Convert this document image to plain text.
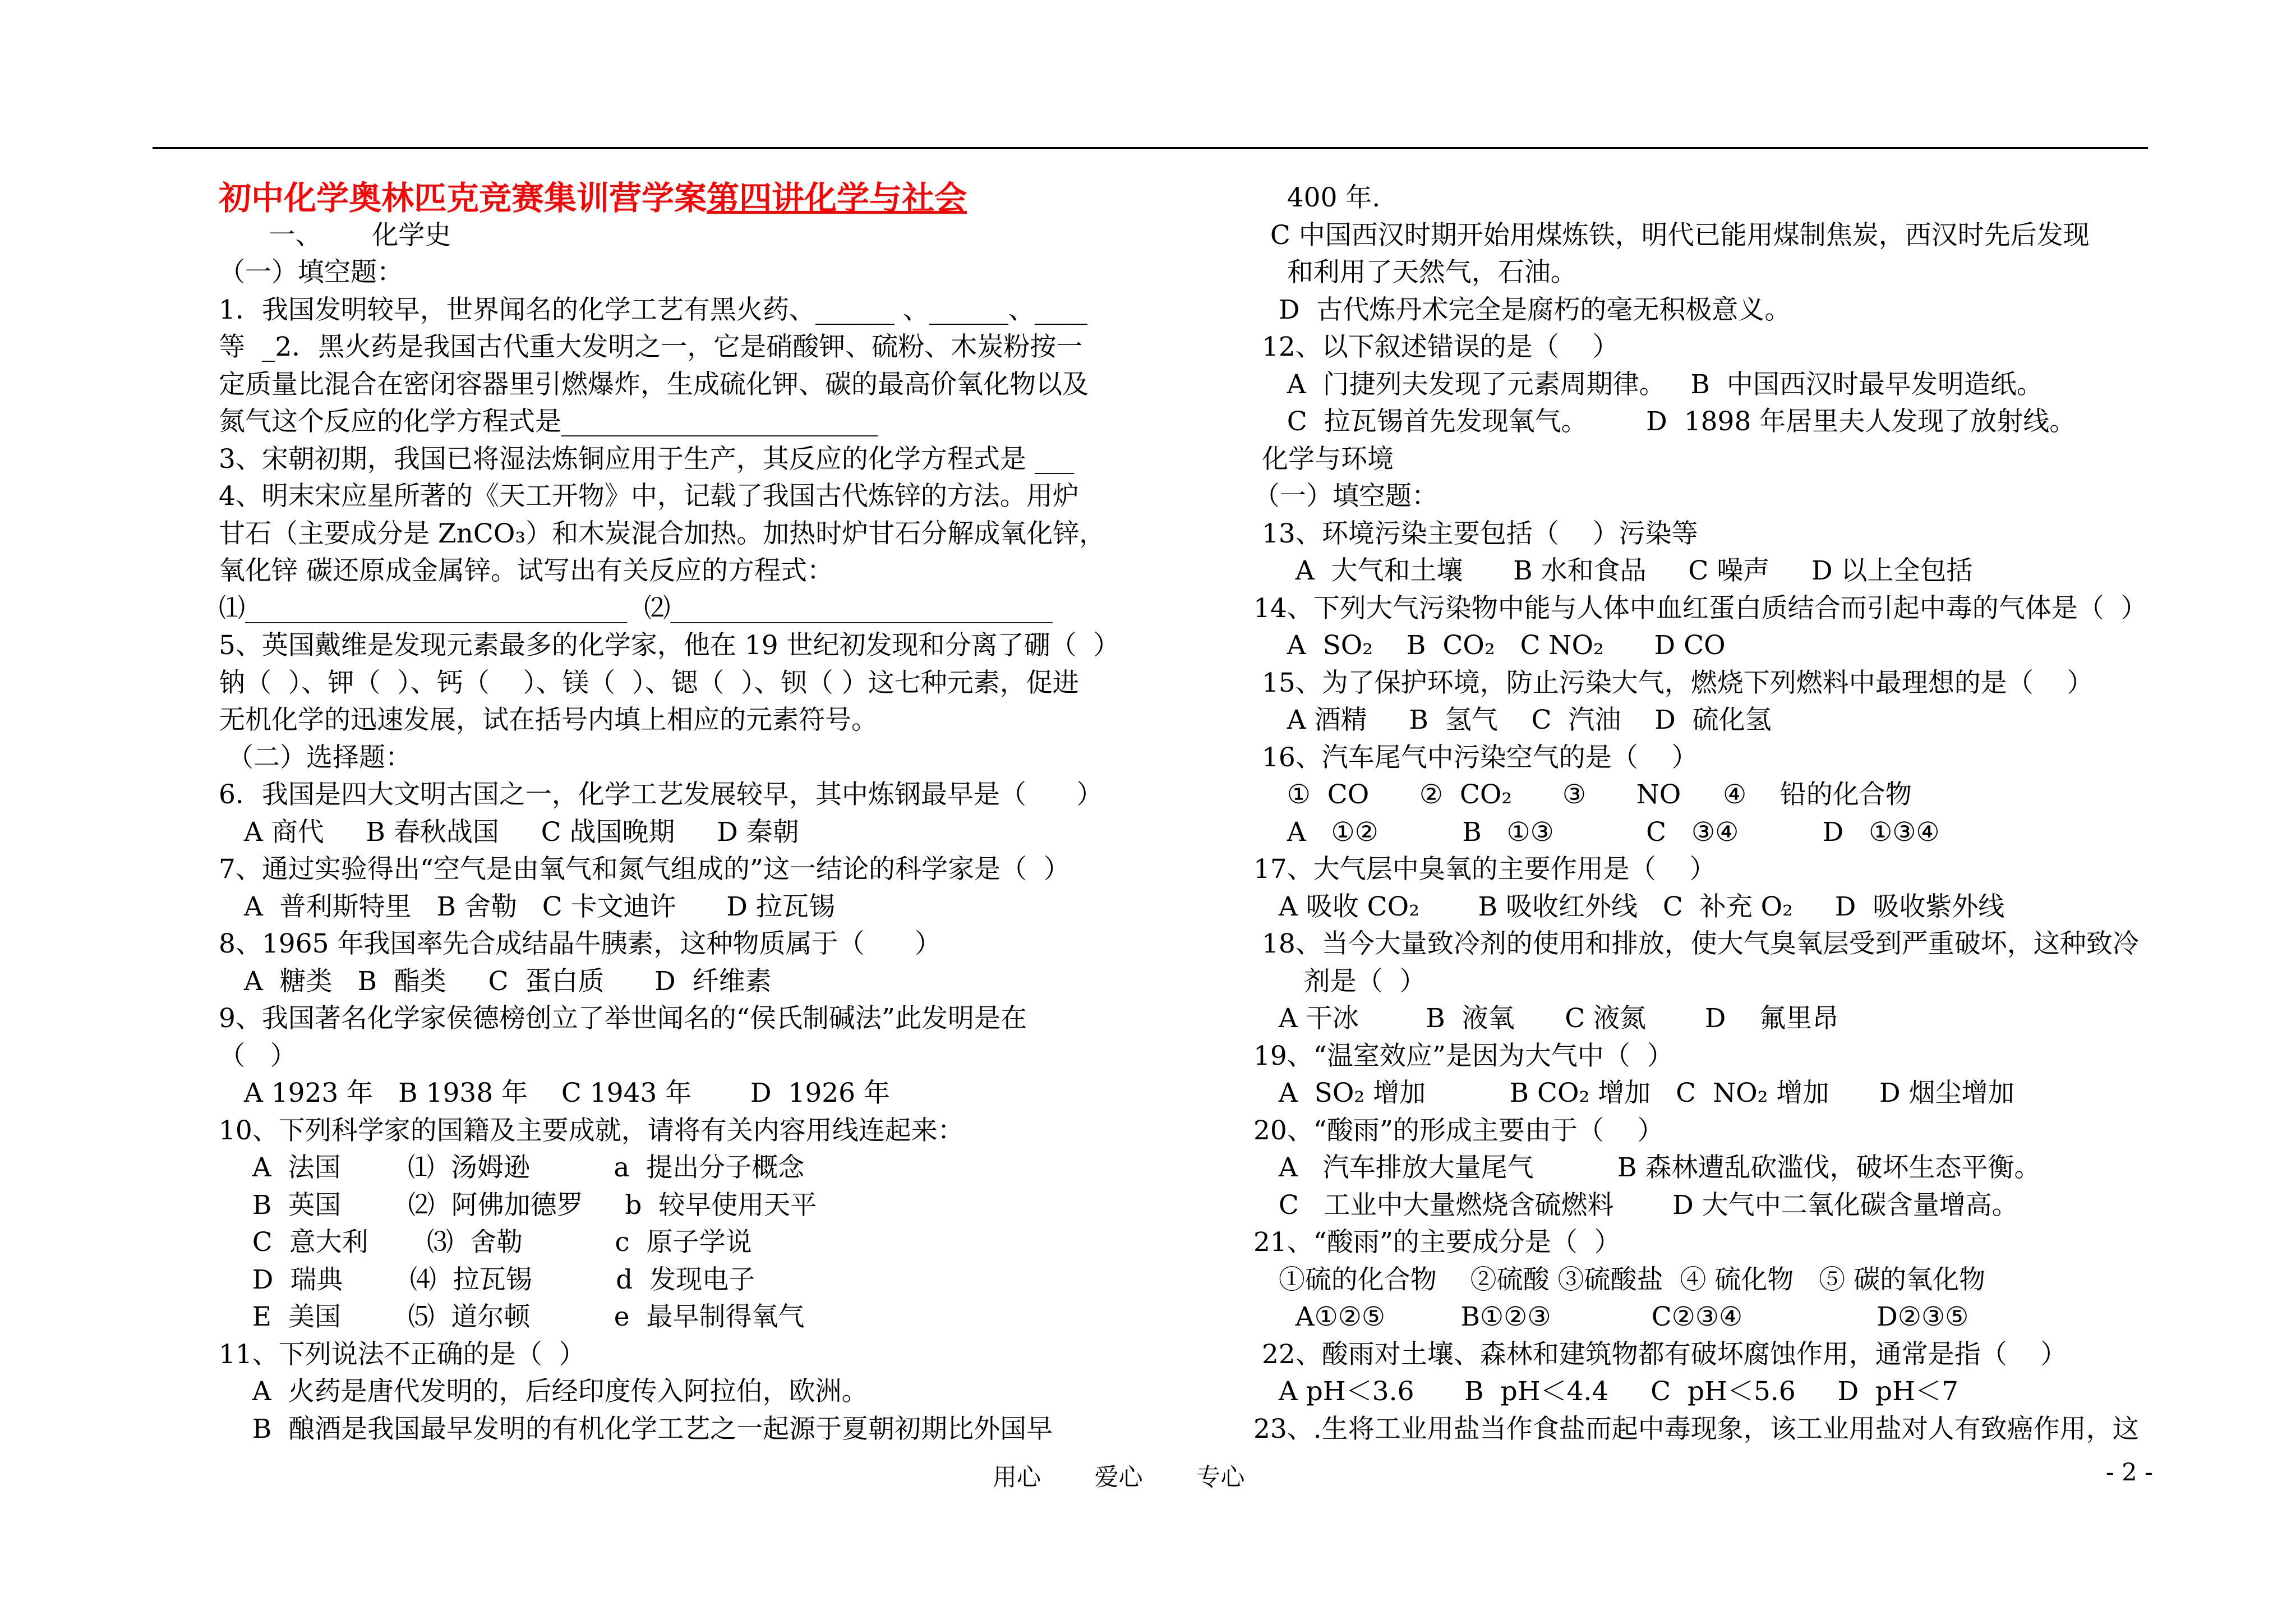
初中化学奥林匹克竞赛集训营学案第四讲化学与社会
一、      化学史
（一）填空题：
1．我国发明较早，世界闻名的化学工艺有黑火药、______ 、______、____
等  _2．黑火药是我国古代重大发明之一，它是硝酸钾、硫粉、木炭粉按一
定质量比混合在密闭容器里引燃爆炸，生成硫化钾、碳的最高价氧化物以及
氮气这个反应的化学方程式是________________________
3、宋朝初期，我国已将湿法炼铜应用于生产，其反应的化学方程式是 ___
4、明末宋应星所著的《天工开物》中，记载了我国古代炼锌的方法。用炉
甘石（主要成分是 ZnCO₃）和木炭混合加热。加热时炉甘石分解成氧化锌，
氧化锌 碳还原成金属锌。试写出有关反应的方程式：
⑴_____________________________  ⑵_____________________________
5、英国戴维是发现元素最多的化学家，他在 19 世纪初发现和分离了硼（  ）
钠（  ）、钾（  ）、钙（    ）、镁（  ）、锶（  ）、钡（ ）这七种元素，促进
无机化学的迅速发展，试在括号内填上相应的元素符号。
（二）选择题：
6．我国是四大文明古国之一，化学工艺发展较早，其中炼钢最早是（      ）
A 商代     B 春秋战国     C 战国晚期     D 秦朝
7、通过实验得出“空气是由氧气和氮气组成的”这一结论的科学家是（  ）
A  普利斯特里   B 舍勒   C 卡文迪许      D 拉瓦锡
8、1965 年我国率先合成结晶牛胰素，这种物质属于（      ）
A  糖类   B  酯类     C  蛋白质      D  纤维素
9、我国著名化学家侯德榜创立了举世闻名的“侯氏制碱法”此发明是在
（   ）
A 1923 年   B 1938 年    C 1943 年       D  1926 年
10、下列科学家的国籍及主要成就，请将有关内容用线连起来：
A  法国        ⑴  汤姆逊          a  提出分子概念
B  英国        ⑵  阿佛加德罗     b  较早使用天平
C  意大利       ⑶  舍勒           c  原子学说
D  瑞典        ⑷  拉瓦锡          d  发现电子
E  美国        ⑸  道尔顿          e  最早制得氧气
11、下列说法不正确的是（  ）
A  火药是唐代发明的，后经印度传入阿拉伯，欧洲。
B  酿酒是我国最早发明的有机化学工艺之一起源于夏朝初期比外国早
400 年.
C 中国西汉时期开始用煤炼铁，明代已能用煤制焦炭，西汉时先后发现
和利用了天然气，石油。
D  古代炼丹术完全是腐朽的毫无积极意义。
12、以下叙述错误的是（    ）
A  门捷列夫发现了元素周期律。   B  中国西汉时最早发明造纸。
C  拉瓦锡首先发现氧气。       D  1898 年居里夫人发现了放射线。
化学与环境
（一）填空题：
13、环境污染主要包括（    ）污染等
A  大气和土壤      B 水和食品     C 噪声     D 以上全包括
14、下列大气污染物中能与人体中血红蛋白质结合而引起中毒的气体是（  ）
A  SO₂    B  CO₂   C NO₂      D CO
15、为了保护环境，防止污染大气，燃烧下列燃料中最理想的是（    ）
A 酒精     B  氢气    C  汽油    D  硫化氢
16、汽车尾气中污染空气的是（    ）
①  CO      ②  CO₂      ③      NO     ④    铅的化合物
A   ①②          B   ①③           C   ③④          D   ①③④
17、大气层中臭氧的主要作用是（    ）
A 吸收 CO₂       B 吸收红外线   C  补充 O₂     D  吸收紫外线
18、当今大量致冷剂的使用和排放，使大气臭氧层受到严重破坏，这种致冷
剂是（  ）
A 干冰        B  液氧      C 液氮       D    氟里昂
19、“温室效应”是因为大气中（  ）
A  SO₂ 增加          B CO₂ 增加   C  NO₂ 增加      D 烟尘增加
20、“酸雨”的形成主要由于（    ）
A   汽车排放大量尾气          B 森林遭乱砍滥伐，破坏生态平衡。
C   工业中大量燃烧含硫燃料       D 大气中二氧化碳含量增高。
21、“酸雨”的主要成分是（  ）
①硫的化合物    ②硫酸 ③硫酸盐  ④ 硫化物   ⑤ 碳的氧化物
A①②⑤         B①②③            C②③④                D②③⑤
22、酸雨对土壤、森林和建筑物都有破坏腐蚀作用，通常是指（    ）
A pH＜3.6      B  pH＜4.4     C  pH＜5.6     D  pH＜7
23、.生将工业用盐当作食盐而起中毒现象，该工业用盐对人有致癌作用，这
用心       爱心       专心	- 2 -
